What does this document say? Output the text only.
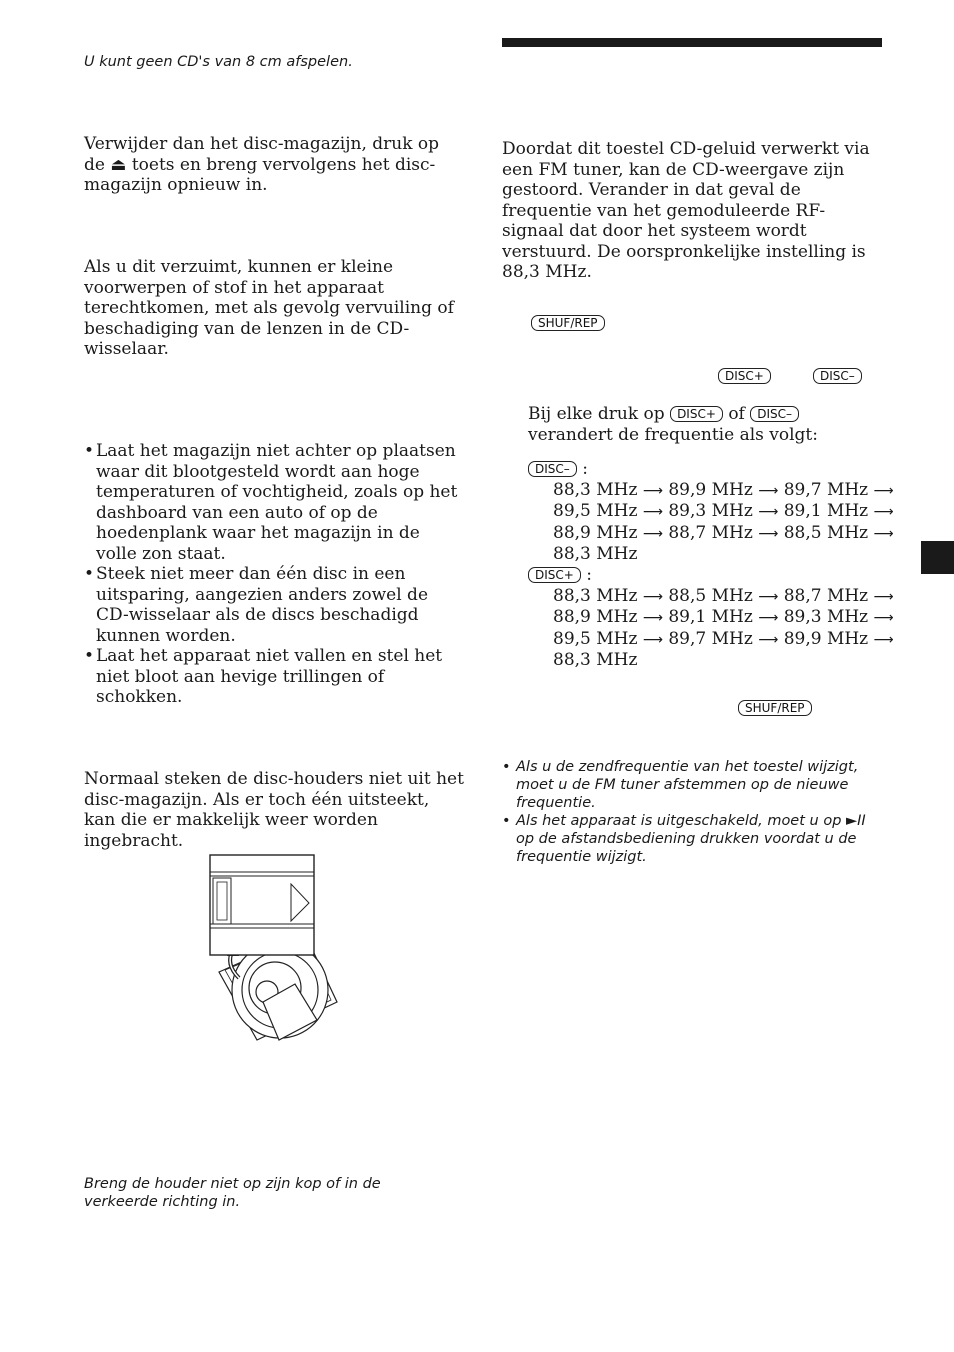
U kunt geen CD's van 8 cm afspelen.

Verwijder dan het disc-magazijn, druk op de ⏏ toets en breng vervolgens het disc-magazijn opnieuw in.

Als u dit verzuimt, kunnen er kleine voorwerpen of stof in het apparaat terechtkomen, met als gevolg vervuiling of beschadiging van de lenzen in de CD-wisselaar.

• Laat het magazijn niet achter op plaatsen waar dit blootgesteld wordt aan hoge temperaturen of vochtigheid, zoals op het dashboard van een auto of op de hoedenplank waar het magazijn in de volle zon staat.
• Steek niet meer dan één disc in een uitsparing, aangezien anders zowel de CD-wisselaar als de discs beschadigd kunnen worden.
• Laat het apparaat niet vallen en stel het niet bloot aan hevige trillingen of schokken.

Normaal steken de disc-houders niet uit het disc-magazijn. Als er toch één uitsteekt, kan die er makkelijk weer worden ingebracht.

Breng de houder niet op zijn kop of in de verkeerde richting in.

Doordat dit toestel CD-geluid verwerkt via een FM tuner, kan de CD-weergave zijn gestoord. Verander in dat geval de frequentie van het gemoduleerde RF-signaal dat door het systeem wordt verstuurd. De oorspronkelijke instelling is 88,3 MHz.

SHUF/REP
DISC+	DISC–
Bij elke druk op DISC+ of DISC–
verandert de frequentie als volgt:
DISC– :
88,3 MHz ⟶ 89,9 MHz ⟶ 89,7 MHz ⟶
89,5 MHz ⟶ 89,3 MHz ⟶ 89,1 MHz ⟶
88,9 MHz ⟶ 88,7 MHz ⟶ 88,5 MHz ⟶
88,3 MHz
DISC+ :
88,3 MHz ⟶ 88,5 MHz ⟶ 88,7 MHz ⟶
88,9 MHz ⟶ 89,1 MHz ⟶ 89,3 MHz ⟶
89,5 MHz ⟶ 89,7 MHz ⟶ 89,9 MHz ⟶
88,3 MHz
SHUF/REP
• Als u de zendfrequentie van het toestel wijzigt, moet u de FM tuner afstemmen op de nieuwe frequentie.
• Als het apparaat is uitgeschakeld, moet u op ►II op de afstandsbediening drukken voordat u de frequentie wijzigt.
